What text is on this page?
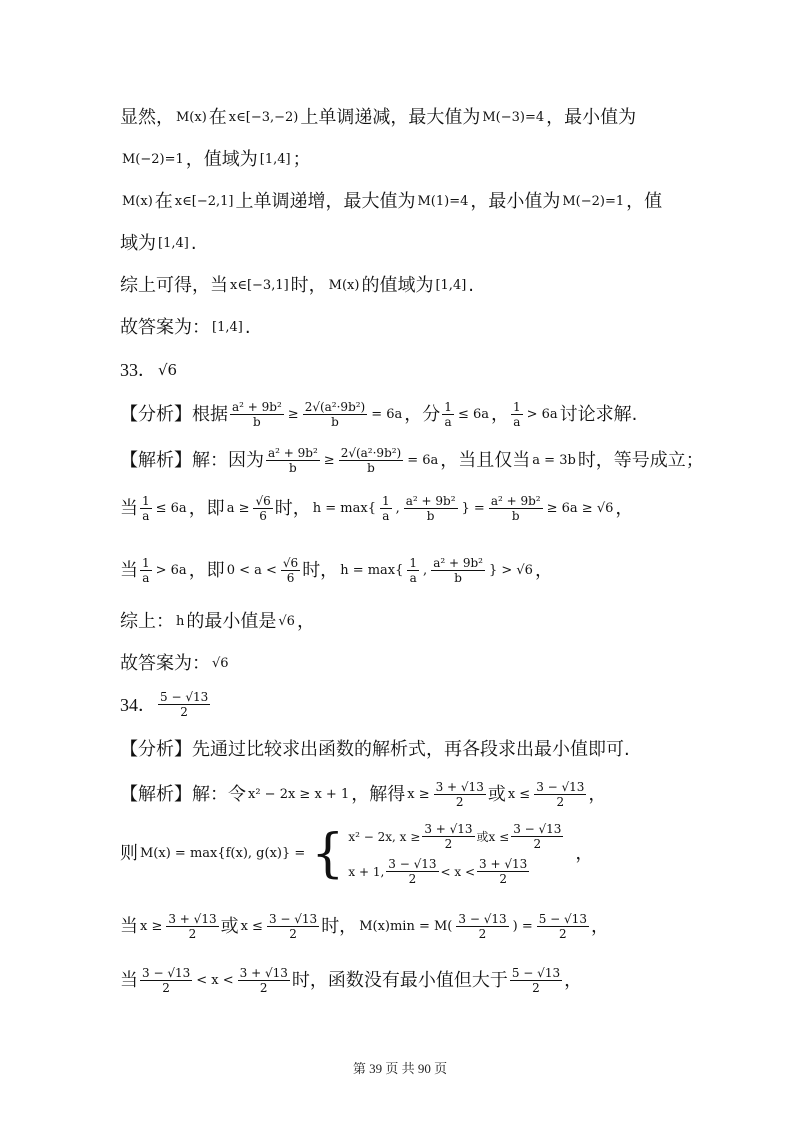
显然， M(x) 在 x∈[−3,−2) 上单调递减，最大值为 M(−3)=4 ，最小值为
M(−2)=1 ，值域为 [1,4] ；
M(x) 在 x∈[−2,1] 上单调递增，最大值为 M(1)=4 ，最小值为 M(−2)=1 ，值
域为 [1,4] .
综上可得，当 x∈[−3,1] 时， M(x) 的值域为 [1,4] .
故答案为： [1,4] .
33． √6
【分析】根据 $\frac{\text{a² + 9b²}}{b} \ge \frac{\text{2√(a²·9b²)}}{b} = 6a$ ，分 $\frac{1}{a} \le 6a$ ， $\frac{1}{a} > 6a$ 讨论求解.
【解析】解：因为 $\frac{\text{a² + 9b²}}{b} \ge \frac{\text{2√(a²·9b²)}}{b} = 6a$ ，当且仅当 a = 3b 时，等号成立；
当 $\frac{1}{a} \le 6a$ ，即 $a \ge \frac{√6}{6}$ 时， $h = \max\{ \frac{1}{a}$ , $\frac{\text{a² + 9b²}}{b}$ } = $\frac{\text{a² + 9b²}}{b} \ge 6a \ge √6$ ，
当 $\frac{1}{a} > 6a$ ，即 $0 < a < \frac{√6}{6}$ 时， $h = \max\{ \frac{1}{a}$ , $\frac{\text{a² + 9b²}}{b}$ } > √6 ，
综上： h 的最小值是 √6 ，
故答案为： √6
34． $\frac{5 - √13}{2}$
【分析】先通过比较求出函数的解析式，再各段求出最小值即可.
【解析】解：令 x² − 2x ≥ x + 1 ，解得 $x \ge \frac{3 + √13}{2}$ 或 $x \le \frac{3 - √13}{2}$ ，
则 M(x) = max{f(x), g(x)} = { x² − 2x, $x \ge \frac{3 + √13}{2}$ 或$x \le \frac{3 - √13}{2}$
x + 1, $\frac{3 - √13}{2} < x < \frac{3 + √13}{2}$
，
当 $x \ge \frac{3 + √13}{2}$ 或 $x \le \frac{3 - √13}{2}$ 时， $M(x)\min = M( \frac{3 - √13}{2}$ ) = $\frac{5 - √13}{2}$ ，
当 $\frac{3 - √13}{2} < x < \frac{3 + √13}{2}$ 时，函数没有最小值但大于 $\frac{5 - √13}{2}$ ，
第 39 页 共 90 页
